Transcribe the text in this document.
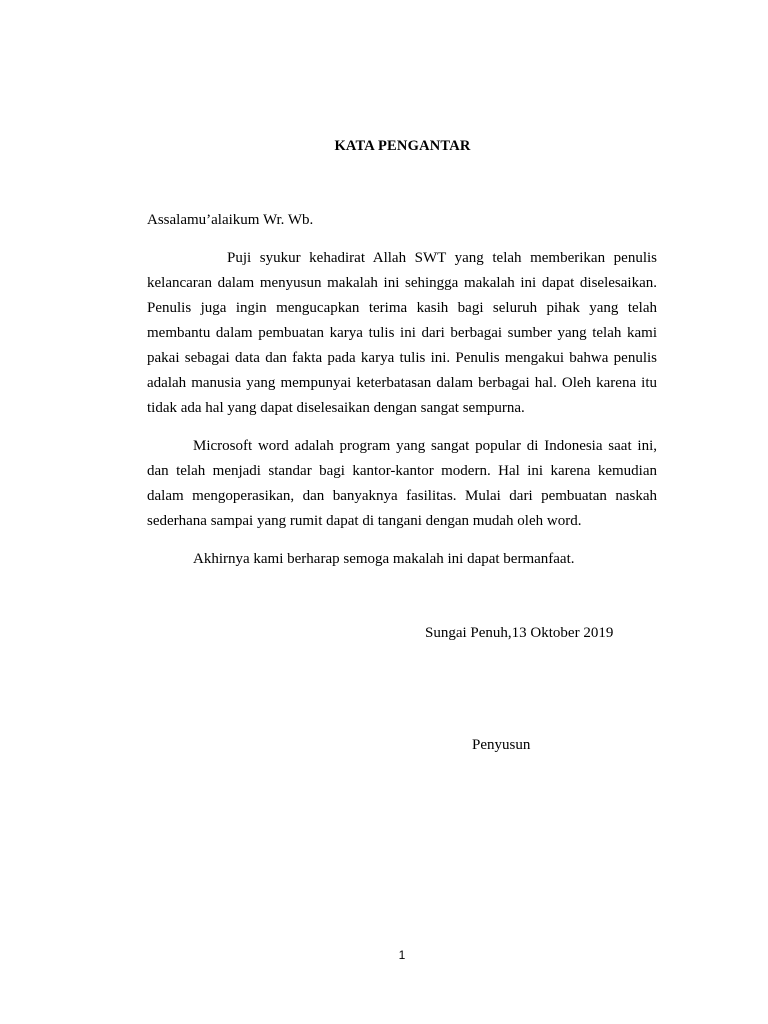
KATA PENGANTAR
Assalamu’alaikum Wr. Wb.

Puji syukur kehadirat Allah SWT yang telah memberikan penulis kelancaran dalam menyusun makalah ini sehingga makalah ini dapat diselesaikan. Penulis juga ingin mengucapkan terima kasih bagi seluruh pihak yang telah membantu dalam pembuatan karya tulis ini dari berbagai sumber yang telah kami pakai sebagai data dan fakta pada karya tulis ini. Penulis mengakui bahwa penulis adalah manusia yang mempunyai keterbatasan dalam berbagai hal. Oleh karena itu tidak ada hal yang dapat diselesaikan dengan sangat sempurna.

Microsoft word adalah program yang sangat popular di Indonesia saat ini, dan telah menjadi standar bagi kantor-kantor modern. Hal ini karena kemudian dalam mengoperasikan, dan banyaknya fasilitas. Mulai dari pembuatan naskah sederhana sampai yang rumit dapat di tangani dengan mudah oleh word.

Akhirnya kami berharap semoga makalah ini dapat bermanfaat.

Sungai Penuh,13 Oktober 2019
Penyusun
1
